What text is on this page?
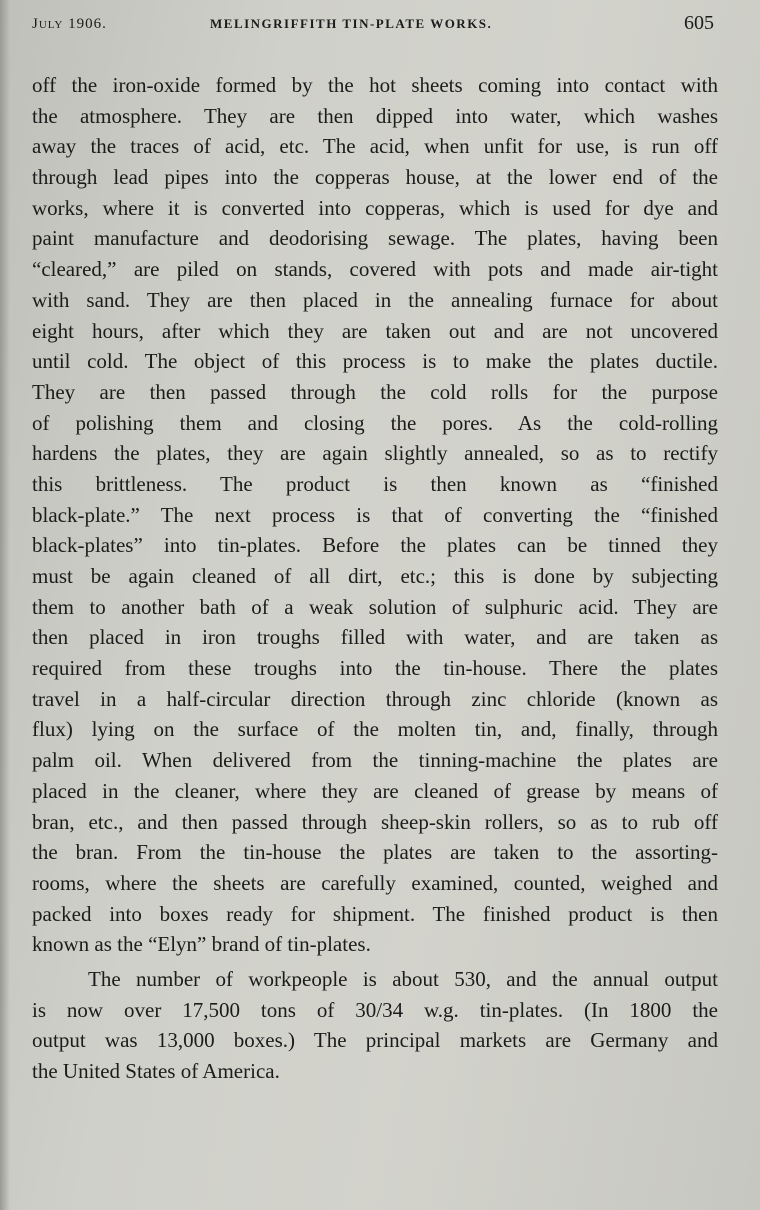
July 1906.	MELINGRIFFITH TIN-PLATE WORKS.	605
off the iron-oxide formed by the hot sheets coming into contact with
the atmosphere. They are then dipped into water, which washes
away the traces of acid, etc. The acid, when unfit for use, is run off
through lead pipes into the copperas house, at the lower end of the
works, where it is converted into copperas, which is used for dye and
paint manufacture and deodorising sewage. The plates, having been
“cleared,” are piled on stands, covered with pots and made air-tight
with sand. They are then placed in the annealing furnace for about
eight hours, after which they are taken out and are not uncovered
until cold. The object of this process is to make the plates ductile.
They are then passed through the cold rolls for the purpose
of polishing them and closing the pores. As the cold-rolling
hardens the plates, they are again slightly annealed, so as to rectify
this brittleness. The product is then known as “finished
black-plate.” The next process is that of converting the “finished
black-plates” into tin-plates. Before the plates can be tinned they
must be again cleaned of all dirt, etc.; this is done by subjecting
them to another bath of a weak solution of sulphuric acid. They are
then placed in iron troughs filled with water, and are taken as
required from these troughs into the tin-house. There the plates
travel in a half-circular direction through zinc chloride (known as
flux) lying on the surface of the molten tin, and, finally, through
palm oil. When delivered from the tinning-machine the plates are
placed in the cleaner, where they are cleaned of grease by means of
bran, etc., and then passed through sheep-skin rollers, so as to rub off
the bran. From the tin-house the plates are taken to the assorting-
rooms, where the sheets are carefully examined, counted, weighed and
packed into boxes ready for shipment. The finished product is then
known as the “Elyn” brand of tin-plates.
The number of workpeople is about 530, and the annual output
is now over 17,500 tons of 30/34 w.g. tin-plates. (In 1800 the
output was 13,000 boxes.) The principal markets are Germany and
the United States of America.
